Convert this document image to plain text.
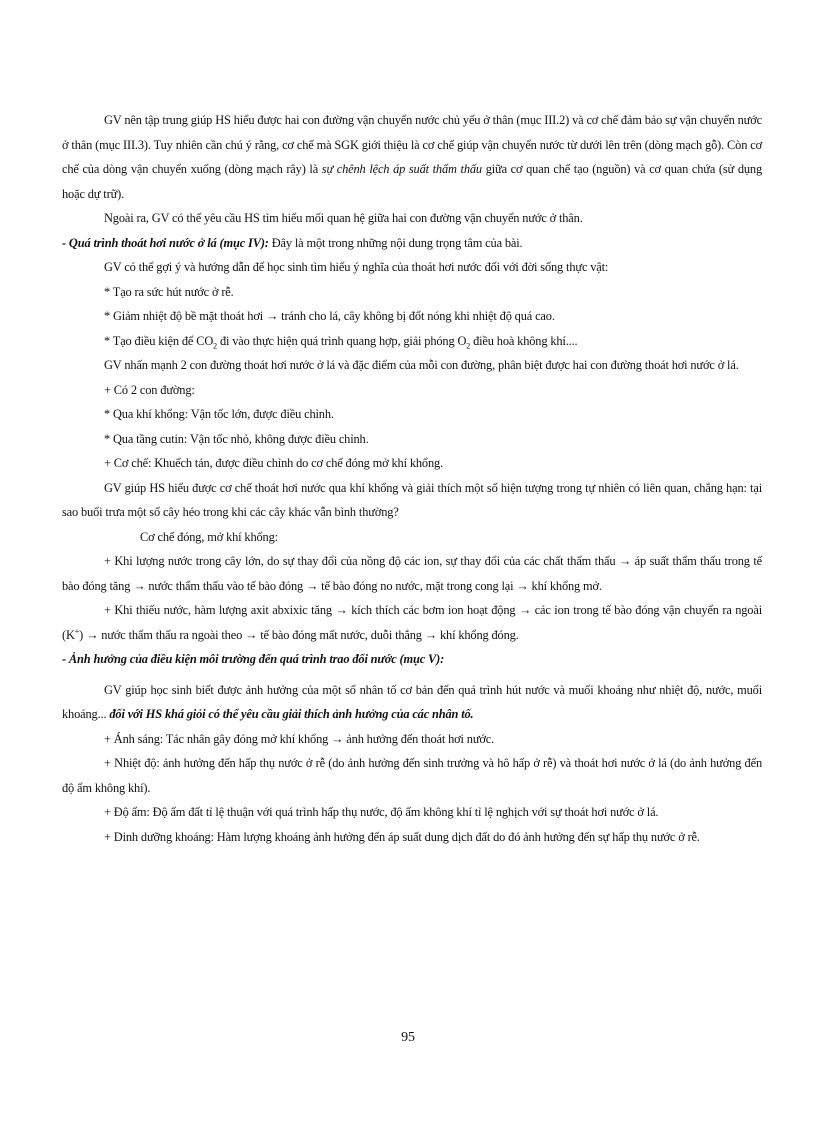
GV nên tập trung giúp HS hiểu được hai con đường vận chuyển nước chủ yếu ở thân (mục III.2) và cơ chế đảm bảo sự vận chuyển nước ở thân (mục III.3). Tuy nhiên cần chú ý rằng, cơ chế mà SGK giới thiệu là cơ chế giúp vận chuyển nước từ dưới lên trên (dòng mạch gỗ). Còn cơ chế của dòng vận chuyển xuống (dòng mạch rây) là sự chênh lệch áp suất thẩm thấu giữa cơ quan chế tạo (nguồn) và cơ quan chứa (sử dụng hoặc dự trữ).

Ngoài ra, GV có thể yêu cầu HS tìm hiểu mối quan hệ giữa hai con đường vận chuyển nước ở thân.

- Quá trình thoát hơi nước ở lá (mục IV): Đây là một trong những nội dung trọng tâm của bài.

GV có thể gợi ý và hướng dẫn để học sinh tìm hiểu ý nghĩa của thoát hơi nước đối với đời sống thực vật:

* Tạo ra sức hút nước ở rễ.

* Giảm nhiệt độ bề mặt thoát hơi → tránh cho lá, cây không bị đốt nóng khi nhiệt độ quá cao.

* Tạo điều kiện để $CO_2$ đi vào thực hiện quá trình quang hợp, giải phóng $O_2$ điều hoà không khí....

GV nhấn mạnh 2 con đường thoát hơi nước ở lá và đặc điểm của mỗi con đường, phân biệt được hai con đường thoát hơi nước ở lá.

+ Có 2 con đường:

* Qua khí khổng: Vận tốc lớn, được điều chỉnh.

* Qua tầng cutin: Vận tốc nhỏ, không được điều chỉnh.

+ Cơ chế: Khuếch tán, được điều chỉnh do cơ chế đóng mở khí khổng.

GV giúp HS hiểu được cơ chế thoát hơi nước qua khí khổng và giải thích một số hiện tượng trong tự nhiên có liên quan, chẳng hạn: tại sao buổi trưa một số cây héo trong khi các cây khác vẫn bình thường?

Cơ chế đóng, mở khí khổng:

+ Khi lượng nước trong cây lớn, do sự thay đổi của nồng độ các ion, sự thay đổi của các chất thẩm thấu → áp suất thẩm thấu trong tế bào đóng tăng → nước thẩm thấu vào tế bào đóng → tế bào đóng no nước, mặt trong cong lại → khí khổng mở.

+ Khi thiếu nước, hàm lượng axit abxixic tăng → kích thích các bơm ion hoạt động → các ion trong tế bào đóng vận chuyển ra ngoài (K+) → nước thẩm thấu ra ngoài theo → tế bào đóng mất nước, duỗi thẳng → khí khổng đóng.

- Ảnh hưởng của điều kiện môi trường đến quá trình trao đổi nước (mục V):

GV giúp học sinh biết được ảnh hưởng của một số nhân tố cơ bản đến quá trình hút nước và muối khoáng như nhiệt độ, nước, muối khoáng... đối với HS khá giỏi có thể yêu cầu giải thích ảnh hưởng của các nhân tố.

+ Ánh sáng: Tác nhân gây đóng mở khí khổng → ảnh hưởng đến thoát hơi nước.

+ Nhiệt độ: ảnh hưởng đến hấp thụ nước ở rễ (do ảnh hưởng đến sinh trưởng và hô hấp ở rễ) và thoát hơi nước ở lá (do ảnh hưởng đến độ ẩm không khí).

+ Độ ẩm: Độ ẩm đất tỉ lệ thuận với quá trình hấp thụ nước, độ ẩm không khí tỉ lệ nghịch với sự thoát hơi nước ở lá.

+ Dinh dưỡng khoáng: Hàm lượng khoáng ảnh hưởng đến áp suất dung dịch đất do đó ảnh hưởng đến sự hấp thụ nước ở rễ.

95
